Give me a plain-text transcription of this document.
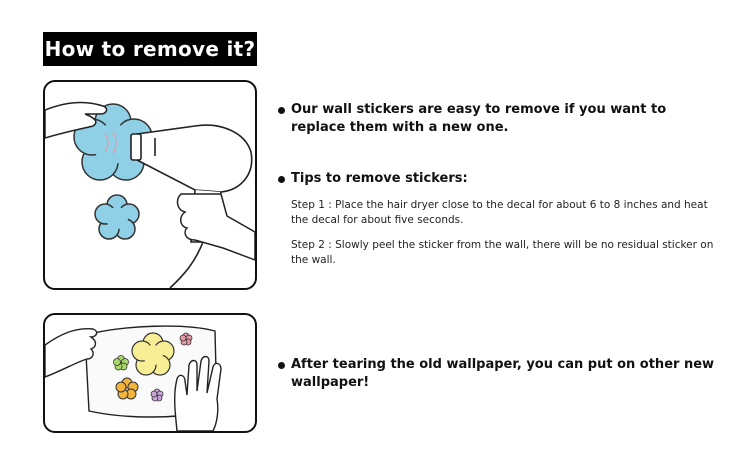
How to remove it?
Our wall stickers are easy to remove if you want to replace them with a new one.
Tips to remove stickers:
Step 1 : Place the hair dryer close to the decal for about 6 to 8 inches and heat the decal for about five seconds.
Step 2 : Slowly peel the sticker from the wall, there will be no residual sticker on the wall.
After tearing the old wallpaper, you can put on other new wallpaper!
